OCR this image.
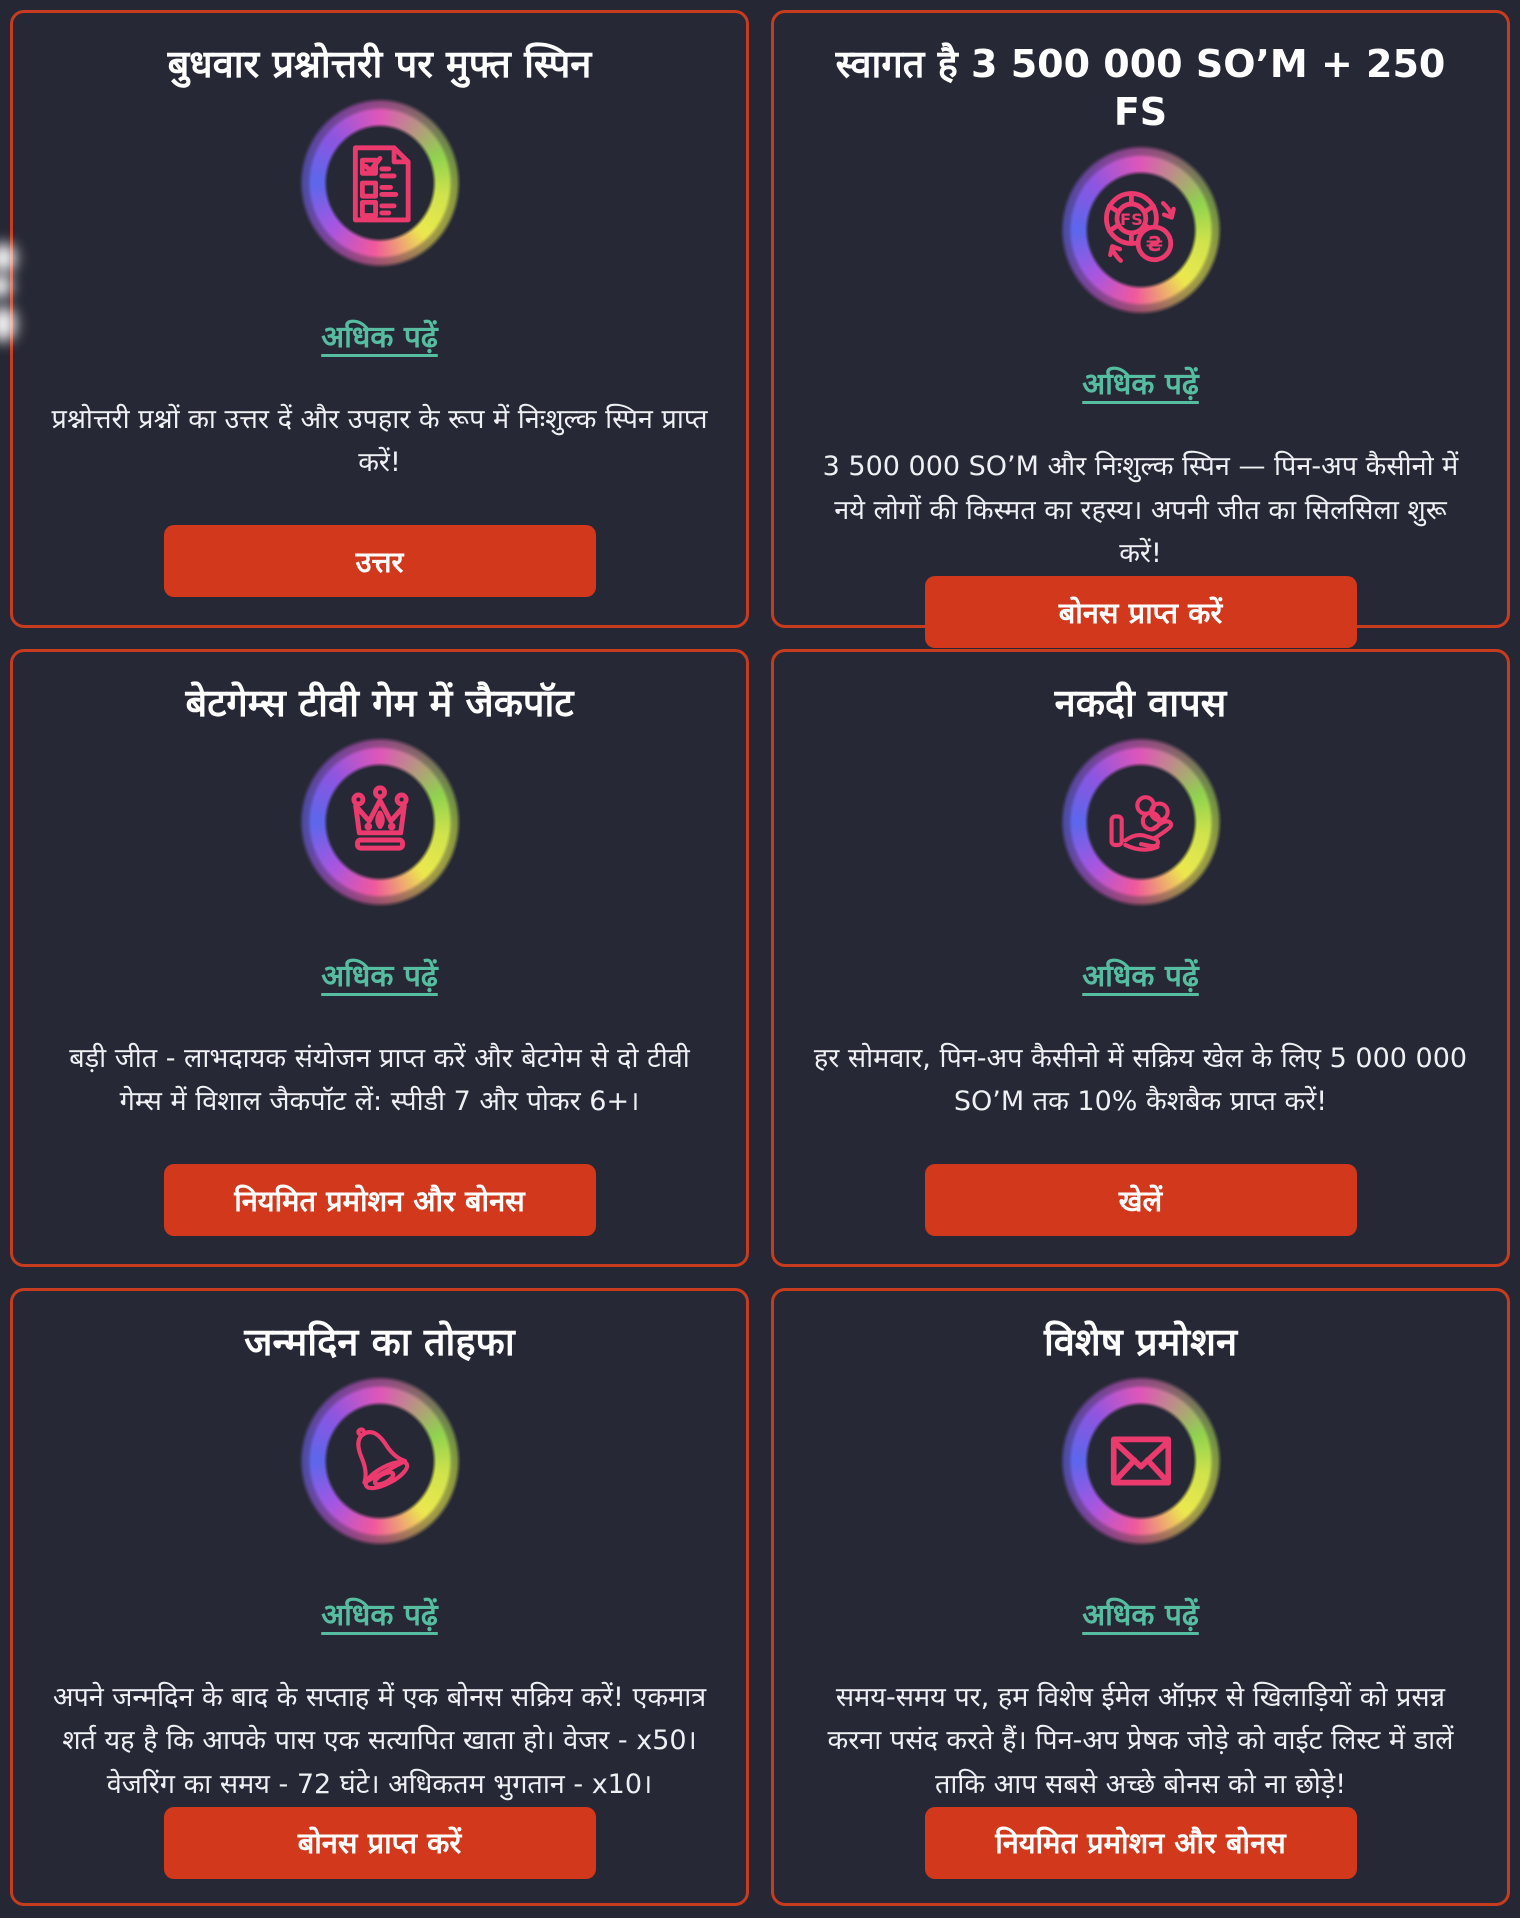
बुधवार प्रश्नोत्तरी पर मुफ्त स्पिन
अधिक पढ़ें

प्रश्नोत्तरी प्रश्नों का उत्तर दें और उपहार के रूप में निःशुल्क स्पिन प्राप्त करें!

उत्तर
स्वागत है 3 500 000 SO’M + 250 FS
FS
₴
अधिक पढ़ें

3 500 000 SO’M और निःशुल्क स्पिन — पिन-अप कैसीनो में नये लोगों की किस्मत का रहस्य। अपनी जीत का सिलसिला शुरू करें!

बोनस प्राप्त करें
बेटगेम्स टीवी गेम में जैकपॉट
अधिक पढ़ें

बड़ी जीत - लाभदायक संयोजन प्राप्त करें और बेटगेम से दो टीवी गेम्स में विशाल जैकपॉट लें: स्पीडी 7 और पोकर 6+।

नियमित प्रमोशन और बोनस
नकदी वापस
अधिक पढ़ें

हर सोमवार, पिन-अप कैसीनो में सक्रिय खेल के लिए 5 000 000 SO’M तक 10% कैशबैक प्राप्त करें!

खेलें
जन्मदिन का तोहफा
अधिक पढ़ें

अपने जन्मदिन के बाद के सप्ताह में एक बोनस सक्रिय करें! एकमात्र शर्त यह है कि आपके पास एक सत्यापित खाता हो। वेजर - x50। वेजरिंग का समय - 72 घंटे। अधिकतम भुगतान - x10।

बोनस प्राप्त करें
विशेष प्रमोशन
अधिक पढ़ें

समय-समय पर, हम विशेष ईमेल ऑफ़र से खिलाड़ियों को प्रसन्न करना पसंद करते हैं। पिन-अप प्रेषक जोड़े को वाईट लिस्ट में डालें ताकि आप सबसे अच्छे बोनस को ना छोड़े!

नियमित प्रमोशन और बोनस
